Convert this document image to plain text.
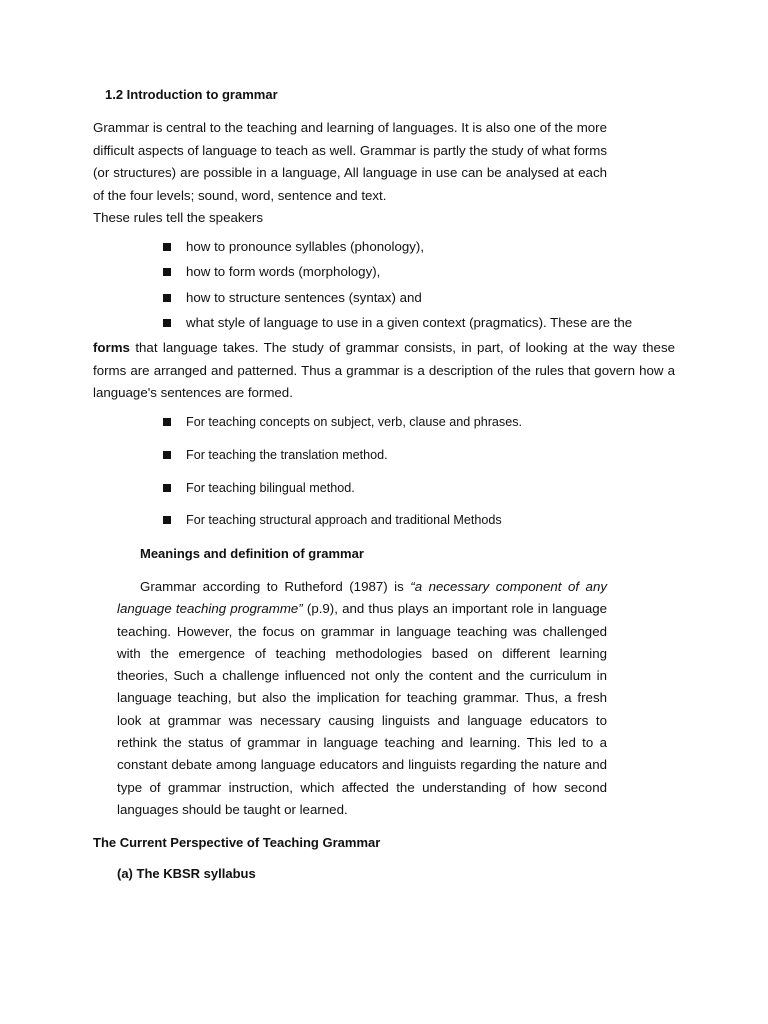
1.2 Introduction to grammar
Grammar is central to the teaching and learning of languages. It is also one of the more difficult aspects of language to teach as well. Grammar is partly the study of what forms (or structures) are possible in a language, All language in use can be analysed at each of the four levels; sound, word, sentence and text.
These rules tell the speakers
how to pronounce syllables (phonology),
how to form words (morphology),
how to structure sentences (syntax) and
what style of language to use in a given context (pragmatics). These are the
forms that language takes. The study of grammar consists, in part, of looking at the way these forms are arranged and patterned. Thus a grammar is a description of the rules that govern how a language's sentences are formed.
For teaching concepts on subject, verb, clause and phrases.
For teaching the translation method.
For teaching bilingual method.
For teaching structural approach and traditional Methods
Meanings and definition of grammar
Grammar according to Rutheford (1987) is “a necessary component of any language teaching programme” (p.9), and thus plays an important role in language teaching. However, the focus on grammar in language teaching was challenged with the emergence of teaching methodologies based on different learning theories, Such a challenge influenced not only the content and the curriculum in language teaching, but also the implication for teaching grammar. Thus, a fresh look at grammar was necessary causing linguists and language educators to rethink the status of grammar in language teaching and learning. This led to a constant debate among language educators and linguists regarding the nature and type of grammar instruction, which affected the understanding of how second languages should be taught or learned.
The Current Perspective of Teaching Grammar
(a) The KBSR syllabus
